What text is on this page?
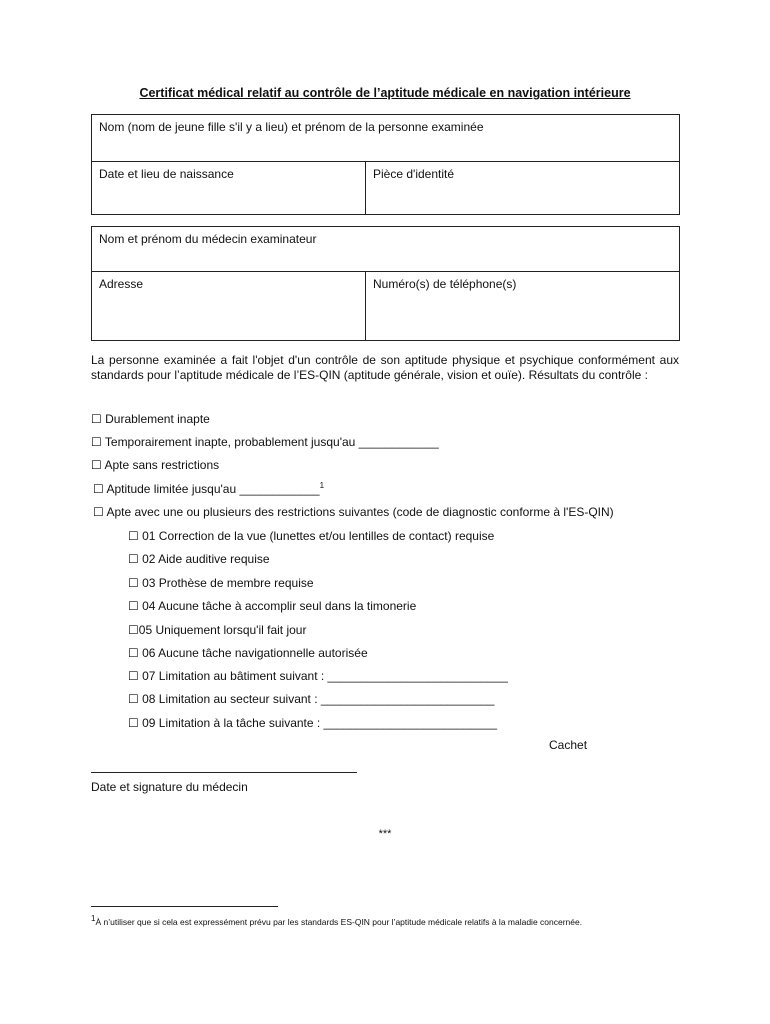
Certificat médical relatif au contrôle de l’aptitude médicale en navigation intérieure
Nom (nom de jeune fille s'il y a lieu) et prénom de la personne examinée
Date et lieu de naissance	Pièce d'identité
Nom et prénom du médecin examinateur
Adresse	Numéro(s) de téléphone(s)
La personne examinée a fait l'objet d'un contrôle de son aptitude physique et psychique conformément aux standards pour l’aptitude médicale de l’ES-QIN (aptitude générale, vision et ouïe). Résultats du contrôle :
☐ Durablement inapte
☐ Temporairement inapte, probablement jusqu'au ____________
☐ Apte sans restrictions
☐ Aptitude limitée jusqu'au ____________$^1$
☐ Apte avec une ou plusieurs des restrictions suivantes (code de diagnostic conforme à l'ES-QIN)
☐ 01 Correction de la vue (lunettes et/ou lentilles de contact) requise
☐ 02 Aide auditive requise
☐ 03 Prothèse de membre requise
☐ 04 Aucune tâche à accomplir seul dans la timonerie
☐05 Uniquement lorsqu'il fait jour
☐ 06 Aucune tâche navigationnelle autorisée
☐ 07 Limitation au bâtiment suivant : ___________________________
☐ 08 Limitation au secteur suivant : __________________________
☐ 09 Limitation à la tâche suivante : __________________________
Cachet
Date et signature du médecin
***
$^1$À n’utiliser que si cela est expressément prévu par les standards ES-QIN pour l’aptitude médicale relatifs à la maladie concernée.
